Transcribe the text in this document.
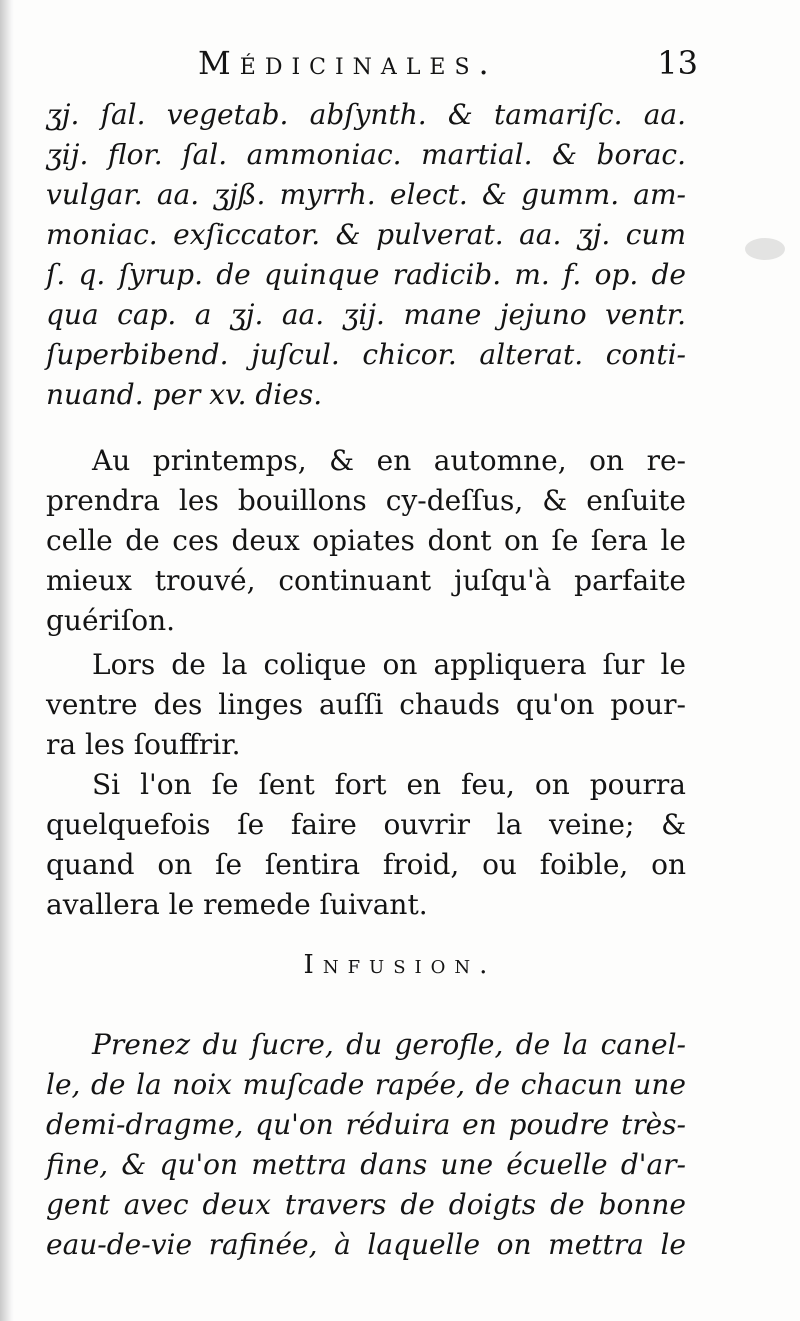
Médicinales.	13
ʒj. ſal. vegetab. abſynth. & tamariſc. aa.
ʒij. flor. ſal. ammoniac. martial. & borac.
vulgar. aa. ʒjß. myrrh. elect. & gumm. am-
moniac. exſiccator. & pulverat. aa. ʒj. cum
ſ. q. ſyrup. de quinque radicib. m. f. op. de
qua cap. a ʒj. aa. ʒij. mane jejuno ventr.
ſuperbibend. juſcul. chicor. alterat. conti-
nuand. per xv. dies.
Au printemps, & en automne, on re-
prendra les bouillons cy-deſſus, & enſuite
celle de ces deux opiates dont on ſe ſera le
mieux trouvé, continuant juſqu'à parfaite
guériſon.
Lors de la colique on appliquera ſur le
ventre des linges auſſi chauds qu'on pour-
ra les ſouffrir.
Si l'on ſe ſent fort en feu, on pourra
quelquefois ſe faire ouvrir la veine; &
quand on ſe ſentira froid, ou foible, on
avallera le remede ſuivant.
Infusion.
Prenez du ſucre, du gerofle, de la canel-
le, de la noix muſcade rapée, de chacun une
demi-dragme, qu'on réduira en poudre très-
fine, & qu'on mettra dans une écuelle d'ar-
gent avec deux travers de doigts de bonne
eau-de-vie rafinée, à laquelle on mettra le
